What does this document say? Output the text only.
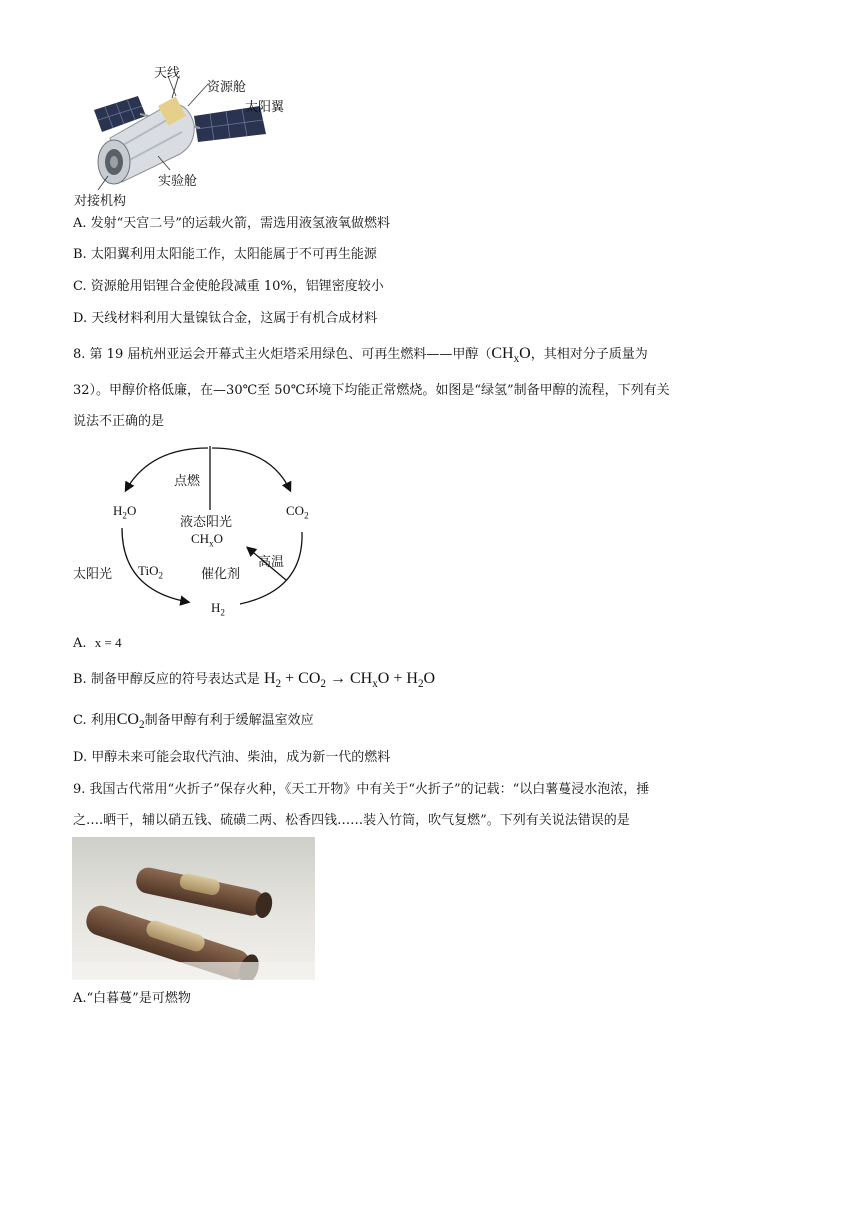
天线
资源舱
太阳翼
实验舱
对接机构
A. 发射“天宫二号”的运载火箭，需选用液氢液氧做燃料
B. 太阳翼利用太阳能工作，太阳能属于不可再生能源
C. 资源舱用铝锂合金使舱段减重 10%，铝锂密度较小
D. 天线材料利用大量镍钛合金，这属于有机合成材料
8. 第 19 届杭州亚运会开幕式主火炬塔采用绿色、可再生燃料——甲醇（$CH_xO$，其相对分子质量为
32）。甲醇价格低廉，在—30℃至 50℃环境下均能正常燃烧。如图是“绿氢”制备甲醇的流程，下列有关
说法不正确的是
点燃
$H_2O$	$CO_2$
液态阳光
$CH_xO$
高温
太阳光 TiO$_2$	催化剂
$H_2$
A. x = 4
B. 制备甲醇反应的符号表达式是 $H_2 + CO_2 \to CH_xO + H_2O$
C. 利用$CO_2$制备甲醇有利于缓解温室效应
D. 甲醇未来可能会取代汽油、柴油，成为新一代的燃料
9. 我国古代常用“火折子”保存火种，《天工开物》中有关于“火折子”的记载：“以白薯蔓浸水泡浓，捶
之….晒干，辅以硝五钱、硫磺二两、松香四钱……装入竹筒，吹气复燃”。下列有关说法错误的是
A.“白暮蔓”是可燃物
